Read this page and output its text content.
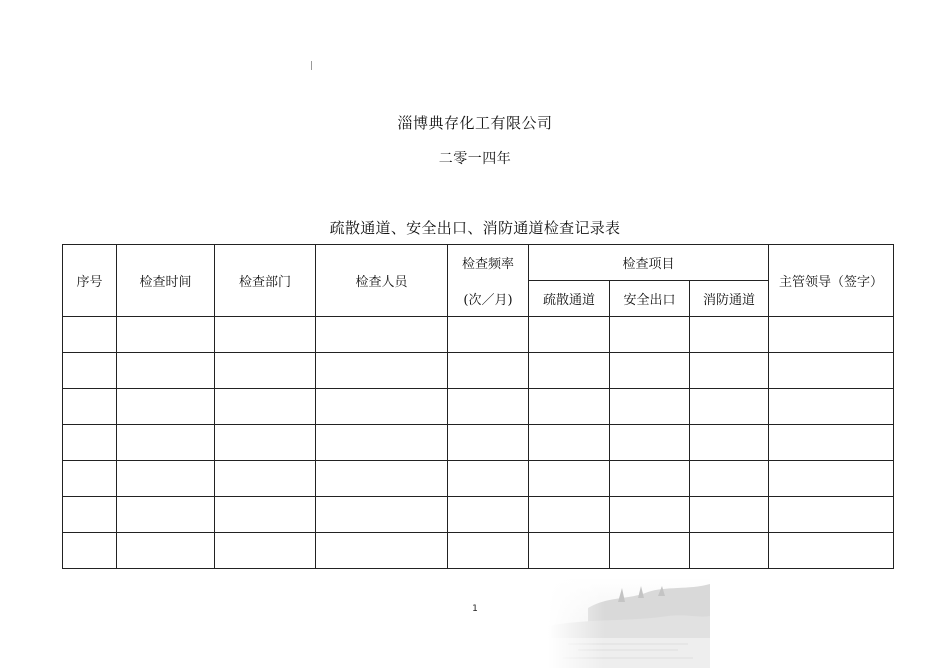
淄博典存化工有限公司
二零一四年
疏散通道、安全出口、消防通道检查记录表
序号	检查时间	检查部门	检查人员	检查频率	检查项目			主管领导（签字）
				(次／月)	疏散通道	安全出口	消防通道	

1
